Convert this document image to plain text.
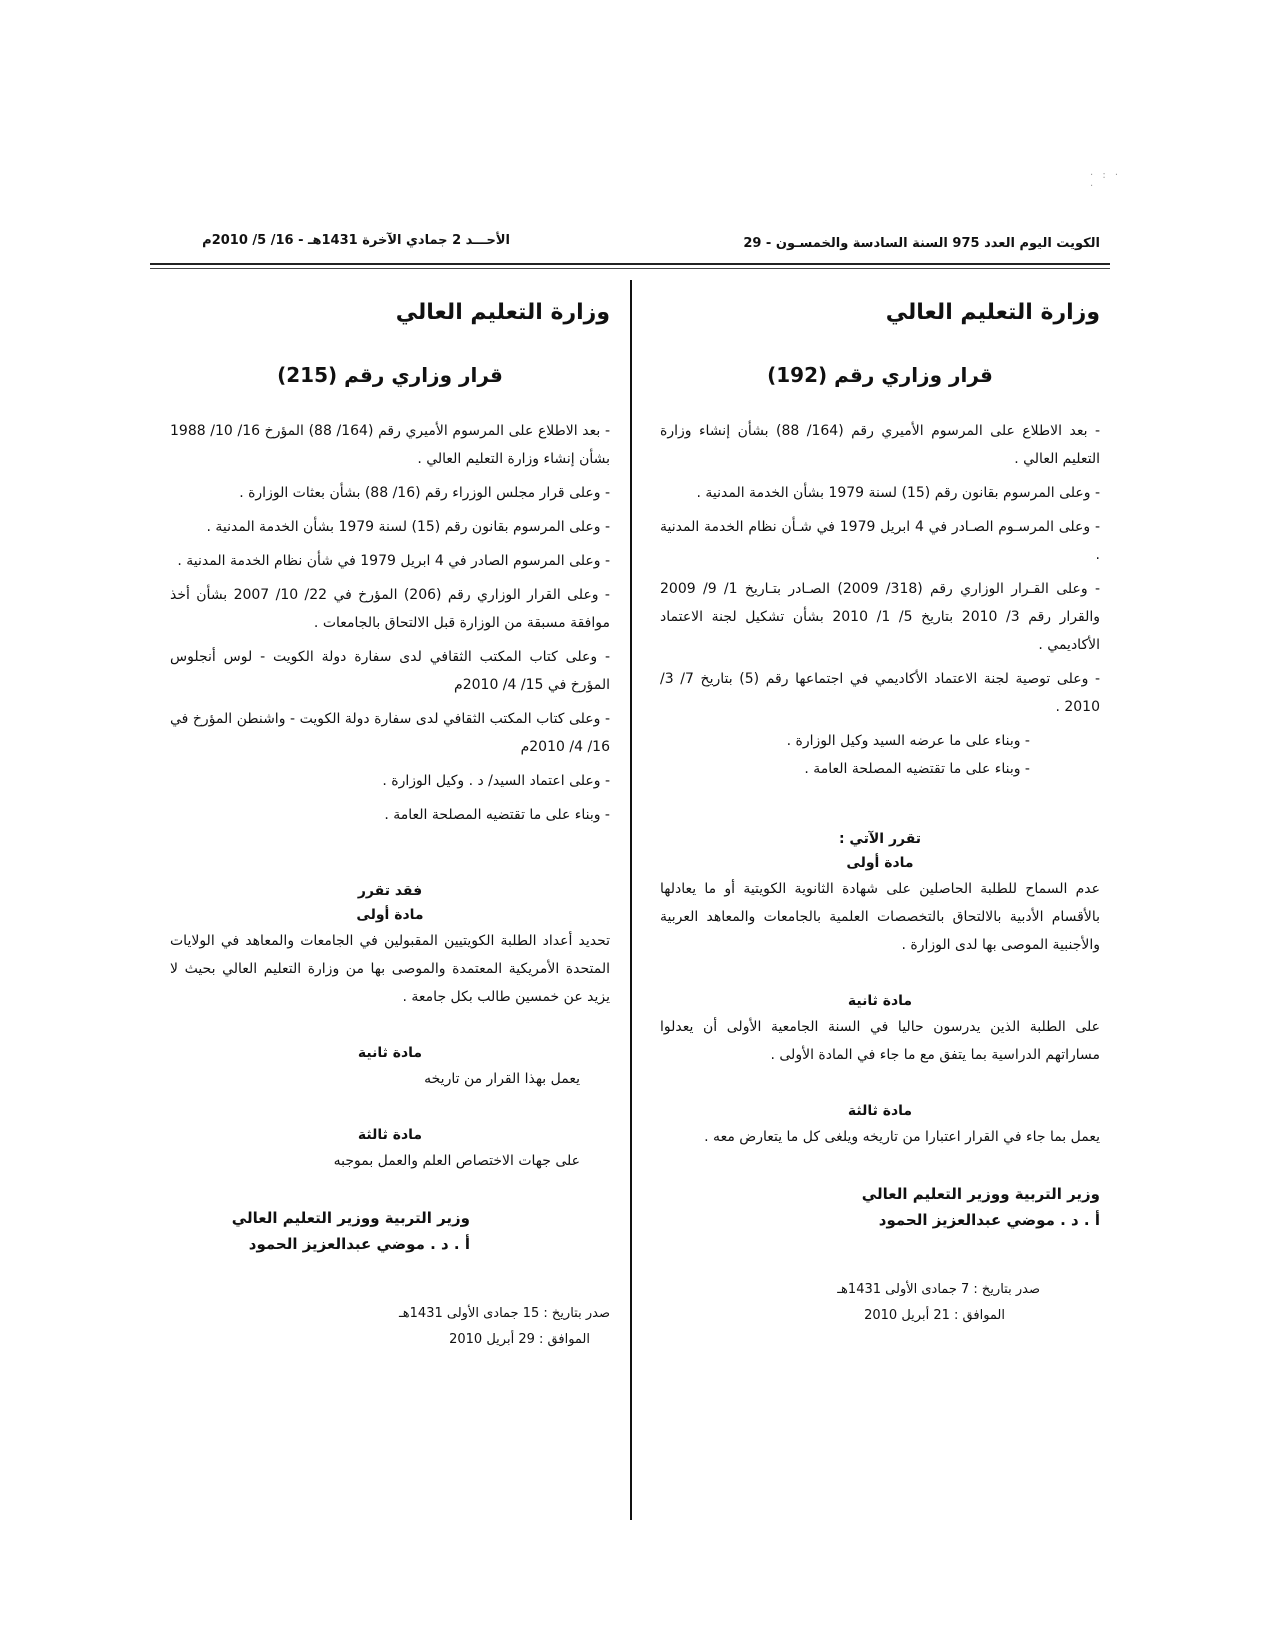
· : · ·
الكويت اليوم العدد 975 السنة السادسة والخمسـون - 29
الأحـــد 2 جمادي الآخرة 1431هـ - 16/ 5/ 2010م
وزارة التعليم العالي
قرار وزاري رقم (192)

- بعد الاطلاع على المرسوم الأميري رقم (164/ 88) بشأن إنشاء وزارة التعليم العالي .

- وعلى المرسوم بقانون رقم (15) لسنة 1979 بشأن الخدمة المدنية .

- وعلى المرسـوم الصـادر في 4 ابريل 1979 في شـأن نظام الخدمة المدنية .

- وعلى القـرار الوزاري رقم (318/ 2009) الصـادر بتـاريخ 1/ 9/ 2009 والقرار رقم 3/ 2010 بتاريخ 5/ 1/ 2010 بشأن تشكيل لجنة الاعتماد الأكاديمي .

- وعلى توصية لجنة الاعتماد الأكاديمي في اجتماعها رقم (5) بتاريخ 7/ 3/ 2010 .

- وبناء على ما عرضه السيد وكيل الوزارة .

- وبناء على ما تقتضيه المصلحة العامة .

تقرر الآتي :

مادة أولى

عدم السماح للطلبة الحاصلين على شهادة الثانوية الكويتية أو ما يعادلها بالأقسام الأدبية بالالتحاق بالتخصصات العلمية بالجامعات والمعاهد العربية والأجنبية الموصى بها لدى الوزارة .

مادة ثانية

على الطلبة الذين يدرسون حاليا في السنة الجامعية الأولى أن يعدلوا مساراتهم الدراسية بما يتفق مع ما جاء في المادة الأولى .

مادة ثالثة

يعمل بما جاء في القرار اعتبارا من تاريخه ويلغى كل ما يتعارض معه .

وزير التربية ووزير التعليم العالي

أ . د . موضي عبدالعزيز الحمود

صدر بتاريخ : 7 جمادى الأولى 1431هـ

الموافق : 21 أبريل 2010

وزارة التعليم العالي
قرار وزاري رقم (215)

- بعد الاطلاع على المرسوم الأميري رقم (164/ 88) المؤرخ 16/ 10/ 1988 بشأن إنشاء وزارة التعليم العالي .

- وعلى قرار مجلس الوزراء رقم (16/ 88) بشأن بعثات الوزارة .

- وعلى المرسوم بقانون رقم (15) لسنة 1979 بشأن الخدمة المدنية .

- وعلى المرسوم الصادر في 4 ابريل 1979 في شأن نظام الخدمة المدنية .

- وعلى القرار الوزاري رقم (206) المؤرخ في 22/ 10/ 2007 بشأن أخذ موافقة مسبقة من الوزارة قبل الالتحاق بالجامعات .

- وعلى كتاب المكتب الثقافي لدى سفارة دولة الكويت - لوس أنجلوس المؤرخ في 15/ 4/ 2010م

- وعلى كتاب المكتب الثقافي لدى سفارة دولة الكويت - واشنطن المؤرخ في 16/ 4/ 2010م

- وعلى اعتماد السيد/ د . وكيل الوزارة .

- وبناء على ما تقتضيه المصلحة العامة .

فقد تقرر

مادة أولى

تحديد أعداد الطلبة الكويتيين المقبولين في الجامعات والمعاهد في الولايات المتحدة الأمريكية المعتمدة والموصى بها من وزارة التعليم العالي بحيث لا يزيد عن خمسين طالب بكل جامعة .

مادة ثانية

يعمل بهذا القرار من تاريخه

مادة ثالثة

على جهات الاختصاص العلم والعمل بموجبه

وزير التربية ووزير التعليم العالي

أ . د . موضي عبدالعزيز الحمود

صدر بتاريخ : 15 جمادى الأولى 1431هـ

الموافق : 29 أبريل 2010
